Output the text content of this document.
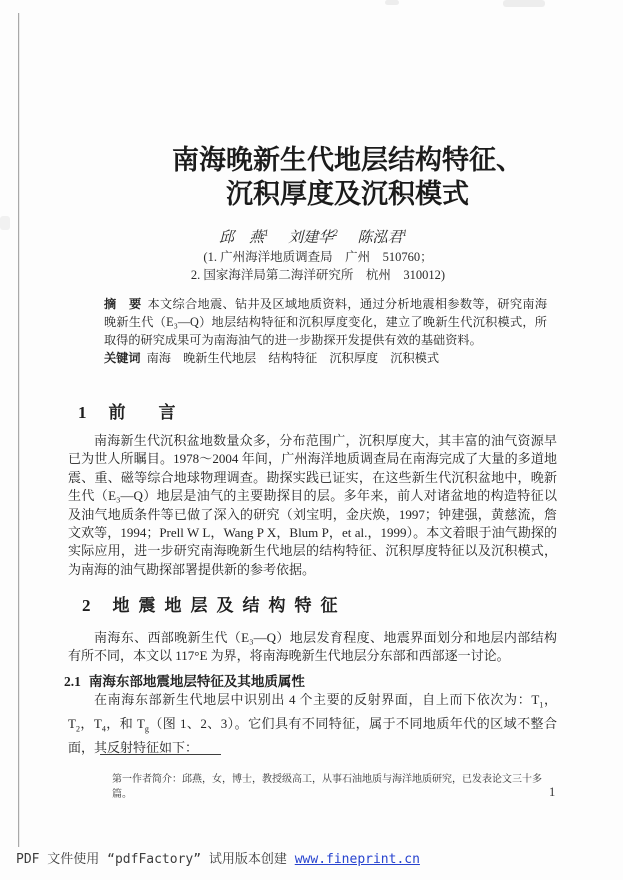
南海晚新生代地层结构特征、
沉积厚度及沉积模式
邱　燕$^1$ 刘建华$^2$ 陈泓君$^1$
(1. 广州海洋地质调查局　广州　510760；
2. 国家海洋局第二海洋研究所　杭州　310012)

摘　要 本文综合地震、钻井及区域地质资料，通过分析地震相参数等，研究南海晚新生代（E₃—Q）地层结构特征和沉积厚度变化，建立了晚新生代沉积模式，所取得的研究成果可为南海油气的进一步勘探开发提供有效的基础资料。

关键词 南海　晚新生代地层　结构特征　沉积厚度　沉积模式

1 前　言

南海新生代沉积盆地数量众多，分布范围广，沉积厚度大，其丰富的油气资源早已为世人所瞩目。1978～2004 年间，广州海洋地质调查局在南海完成了大量的多道地震、重、磁等综合地球物理调查。勘探实践已证实，在这些新生代沉积盆地中，晚新生代（E₃—Q）地层是油气的主要勘探目的层。多年来，前人对诸盆地的构造特征以及油气地质条件等已做了深入的研究（刘宝明，金庆焕，1997；钟建强，黄慈流，詹文欢等，1994；Prell W L，Wang P X，Blum P，et al.，1999）。本文着眼于油气勘探的实际应用，进一步研究南海晚新生代地层的结构特征、沉积厚度特征以及沉积模式，为南海的油气勘探部署提供新的参考依据。

2 地震地层及结构特征

南海东、西部晚新生代（E₃—Q）地层发育程度、地震界面划分和地层内部结构有所不同，本文以 117°E 为界，将南海晚新生代地层分东部和西部逐一讨论。

2.1 南海东部地震地层特征及其地质属性

在南海东部新生代地层中识别出 4 个主要的反射界面，自上而下依次为：$T_1$，$T_2$，$T_4$，和 $T_g$（图 1、2、3）。它们具有不同特征，属于不同地质年代的区域不整合面，其反射特征如下：

第一作者简介：邱燕，女，博士，教授级高工，从事石油地质与海洋地质研究，已发表论文三十多篇。	1
PDF 文件使用 “pdfFactory” 试用版本创建 www.fineprint.cn
